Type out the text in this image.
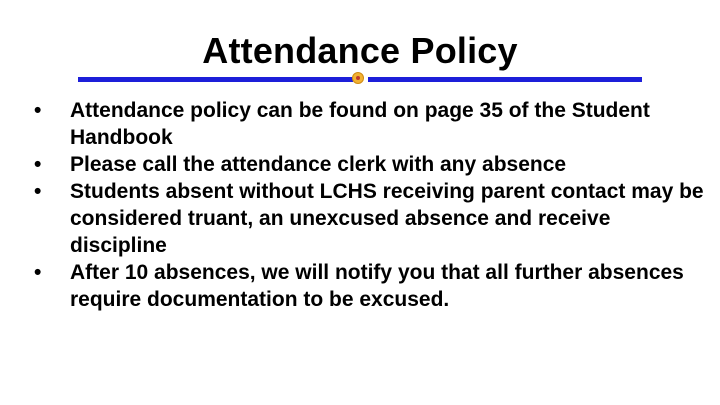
Attendance Policy
•	Attendance policy can be found on page 35 of the Student Handbook
•	Please call the attendance clerk with any absence
•	Students absent without LCHS receiving parent contact may be considered truant, an unexcused absence and receive discipline
•	After 10 absences, we will notify you that all further absences require documentation to be excused.
